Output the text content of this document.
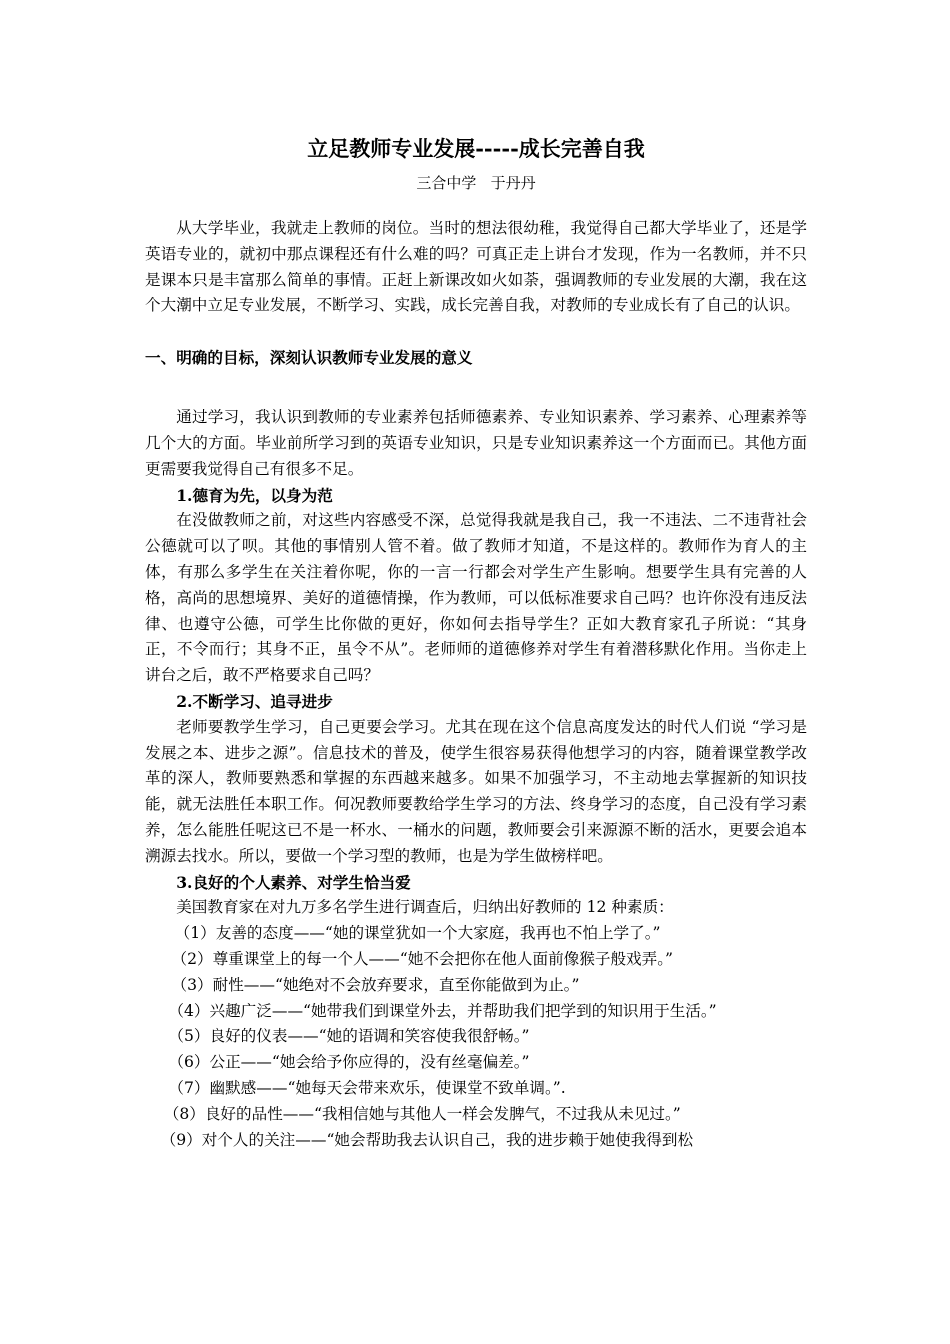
立足教师专业发展-----成长完善自我

三合中学   于丹丹

从大学毕业，我就走上教师的岗位。当时的想法很幼稚，我觉得自己都大学毕业了，还是学英语专业的，就初中那点课程还有什么难的吗？可真正走上讲台才发现，作为一名教师，并不只是课本只是丰富那么简单的事情。正赶上新课改如火如荼，强调教师的专业发展的大潮，我在这个大潮中立足专业发展，不断学习、实践，成长完善自我，对教师的专业成长有了自己的认识。

一、明确的目标，深刻认识教师专业发展的意义

通过学习，我认识到教师的专业素养包括师德素养、专业知识素养、学习素养、心理素养等几个大的方面。毕业前所学习到的英语专业知识，只是专业知识素养这一个方面而已。其他方面更需要我觉得自己有很多不足。

1.德育为先，以身为范

在没做教师之前，对这些内容感受不深，总觉得我就是我自己，我一不违法、二不违背社会公德就可以了呗。其他的事情别人管不着。做了教师才知道，不是这样的。教师作为育人的主体，有那么多学生在关注着你呢，你的一言一行都会对学生产生影响。想要学生具有完善的人格，高尚的思想境界、美好的道德情操，作为教师，可以低标准要求自己吗？也许你没有违反法律、也遵守公德，可学生比你做的更好，你如何去指导学生？正如大教育家孔子所说：“其身正，不令而行；其身不正，虽令不从”。老师师的道德修养对学生有着潜移默化作用。当你走上讲台之后，敢不严格要求自己吗？

2.不断学习、追寻进步

老师要教学生学习，自己更要会学习。尤其在现在这个信息高度发达的时代人们说 “学习是发展之本、进步之源”。信息技术的普及，使学生很容易获得他想学习的内容，随着课堂教学改革的深人，教师要熟悉和掌握的东西越来越多。如果不加强学习，不主动地去掌握新的知识技能，就无法胜任本职工作。何况教师要教给学生学习的方法、终身学习的态度，自己没有学习素养，怎么能胜任呢这已不是一杯水、一桶水的问题，教师要会引来源源不断的活水，更要会追本溯源去找水。所以，要做一个学习型的教师，也是为学生做榜样吧。

3.良好的个人素养、对学生恰当爱

美国教育家在对九万多名学生进行调查后，归纳出好教师的 12 种素质：

（1）友善的态度——“她的课堂犹如一个大家庭，我再也不怕上学了。”

（2）尊重课堂上的每一个人——“她不会把你在他人面前像猴子般戏弄。”

（3）耐性——“她绝对不会放弃要求，直至你能做到为止。”

（4）兴趣广泛——“她带我们到课堂外去，并帮助我们把学到的知识用于生活。”

（5）良好的仪表——“她的语调和笑容使我很舒畅。”

（6）公正——“她会给予你应得的，没有丝毫偏差。”

（7）幽默感——“她每天会带来欢乐，使课堂不致单调。”.

（8）良好的品性——“我相信她与其他人一样会发脾气，不过我从未见过。”

（9）对个人的关注——“她会帮助我去认识自己，我的进步赖于她使我得到松
